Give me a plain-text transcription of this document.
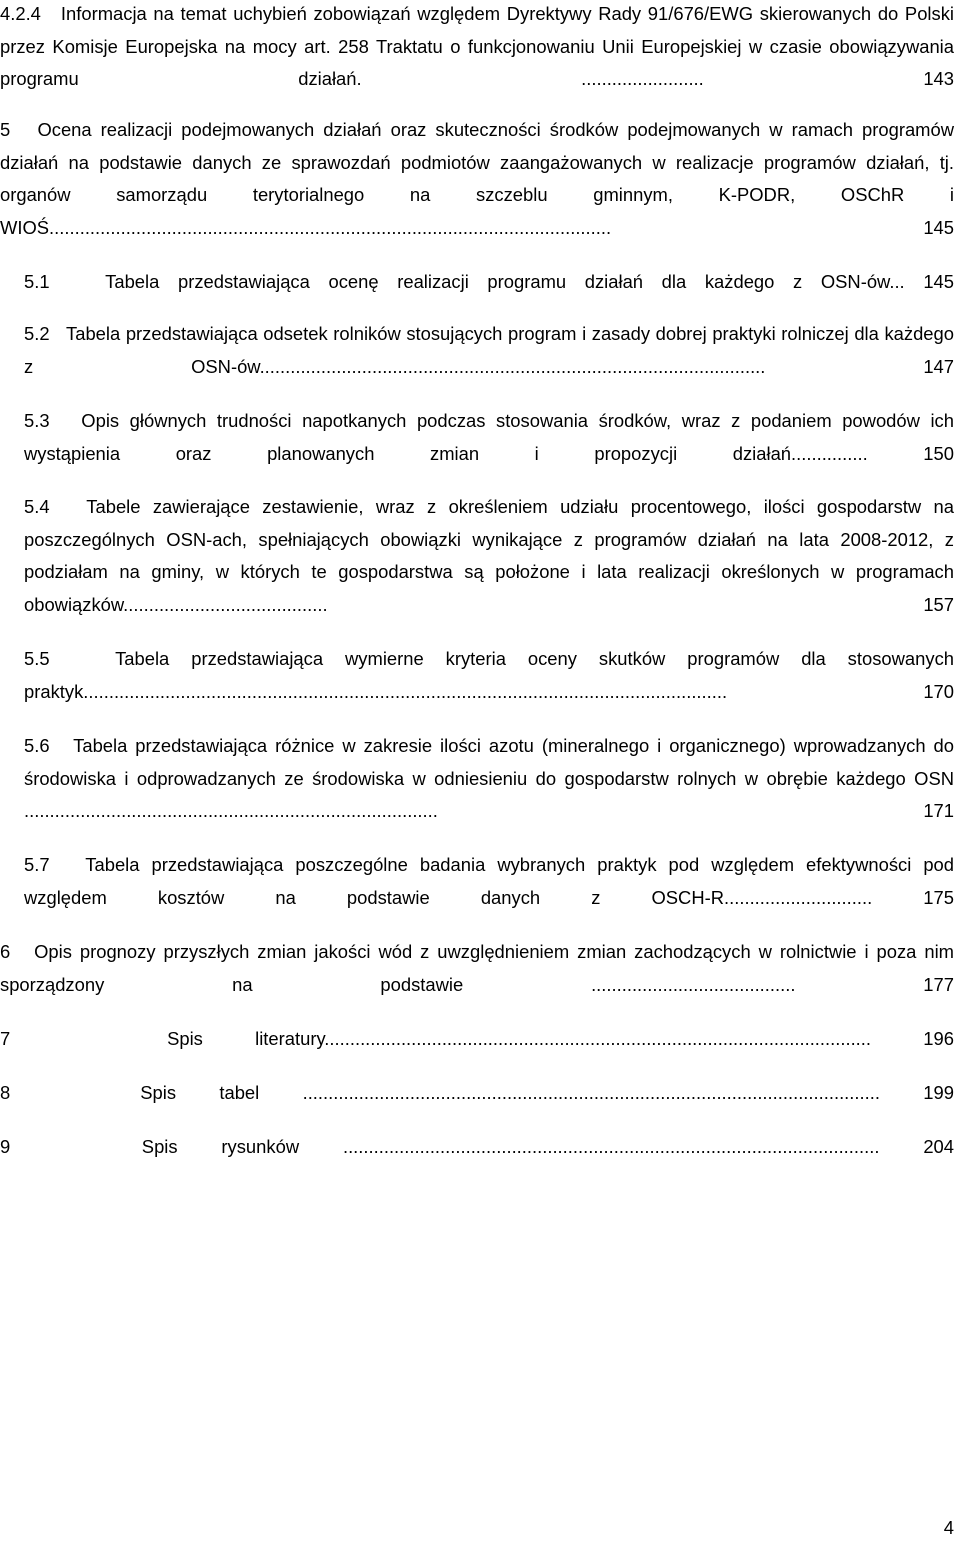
4.2.4 Informacja na temat uchybień zobowiązań względem Dyrektywy Rady 91/676/EWG skierowanych do Polski przez Komisje Europejska na mocy art. 258 Traktatu o funkcjonowaniu Unii Europejskiej w czasie obowiązywania programu działań. ........................	143
5 Ocena realizacji podejmowanych działań oraz skuteczności środków podejmowanych w ramach programów działań na podstawie danych ze sprawozdań podmiotów zaangażowanych w realizacje programów działań, tj. organów samorządu terytorialnego na szczeblu gminnym, K-PODR, OSChR i WIOŚ..............................................................................................................	145
5.1	Tabela przedstawiająca ocenę realizacji programu działań dla każdego z OSN-ów... 145
5.2 Tabela przedstawiająca odsetek rolników stosujących program i zasady dobrej praktyki rolniczej dla każdego z OSN-ów...................................................................................................	147
5.3 Opis głównych trudności napotkanych podczas stosowania środków, wraz z podaniem powodów ich wystąpienia oraz planowanych zmian i propozycji działań...............	150
5.4 Tabele zawierające zestawienie, wraz z określeniem udziału procentowego, ilości gospodarstw na poszczególnych OSN-ach, spełniających obowiązki wynikające z programów działań na lata 2008-2012, z podziałam na gminy, w których te gospodarstwa są położone i lata realizacji określonych w programach obowiązków........................................	157
5.5	Tabela przedstawiająca wymierne kryteria oceny skutków programów dla stosowanych praktyk..............................................................................................................................	170
5.6 Tabela przedstawiająca różnice w zakresie ilości azotu (mineralnego i organicznego) wprowadzanych do środowiska i odprowadzanych ze środowiska w odniesieniu do gospodarstw rolnych w obrębie każdego OSN .................................................................................	171
5.7 Tabela przedstawiająca poszczególne badania wybranych praktyk pod względem efektywności pod względem kosztów na podstawie danych z OSCH-R.............................	175
6 Opis prognozy przyszłych zmian jakości wód z uwzględnieniem zmian zachodzących w rolnictwie i poza nim sporządzony na podstawie ........................................	177
7	Spis literatury...........................................................................................................	196
8	Spis tabel ................................................................................................................. 199
9	Spis rysunków ......................................................................................................... 204
4
